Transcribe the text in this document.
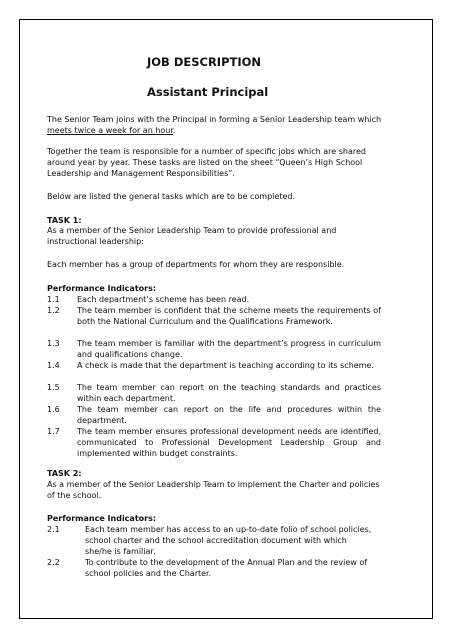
JOB DESCRIPTION
Assistant Principal

The Senior Team joins with the Principal in forming a Senior Leadership team which meets twice a week for an hour.

Together the team is responsible for a number of specific jobs which are shared around year by year. These tasks are listed on the sheet “Queen’s High School Leadership and Management Responsibilities”.

Below are listed the general tasks which are to be completed.

TASK 1:

As a member of the Senior Leadership Team to provide professional and instructional leadership:

Each member has a group of departments for whom they are responsible.

Performance Indicators:

1.1	Each department’s scheme has been read.
1.2	The team member is confident that the scheme meets the requirements of both the National Curriculum and the Qualifications Framework.
1.3	The team member is familiar with the department’s progress in curriculum and qualifications change.
1.4	A check is made that the department is teaching according to its scheme.
1.5	The team member can report on the teaching standards and practices within each department.
1.6	The team member can report on the life and procedures within the department.
1.7	The team member ensures professional development needs are identified, communicated to Professional Development Leadership Group and implemented within budget constraints.

TASK 2:

As a member of the Senior Leadership Team to implement the Charter and policies of the school.

Performance Indicators:

2.1	Each team member has access to an up-to-date folio of school policies, school charter and the school accreditation document with which she/he is familiar.
2.2	To contribute to the development of the Annual Plan and the review of school policies and the Charter.
